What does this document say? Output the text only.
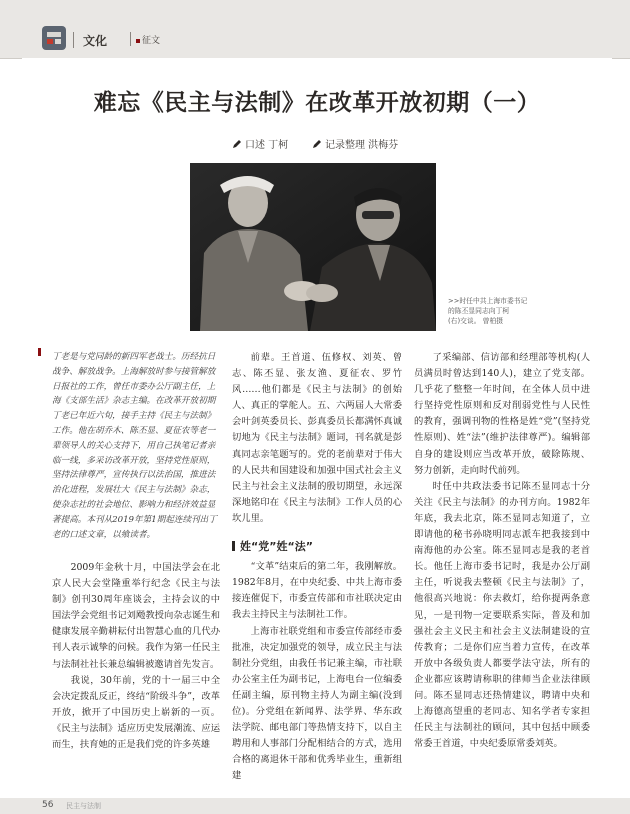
文化	征文
难忘《民主与法制》在改革开放初期（一）
口述 丁柯	记录整理 洪梅芬
>>时任中共上海市委书记
的陈丕显同志向丁柯
(右)交谈。 曾柏摄
丁老是与党同龄的新四军老战士。历经抗日战争、解放战争。上海解放时参与接管解放日报社的工作，曾任市委办公厅副主任，上海《支部生活》杂志主编。在改革开放初期丁老已年近六旬，接手主持《民主与法制》工作。他在胡乔木、陈丕显、夏征农等老一辈领导人的关心支持下，用自己执笔记者亲临一线，多采访改革开放，坚持党性原则，坚持法律尊严，宣传执行以法治国，推进法治化进程，发展壮大《民主与法制》杂志，使杂志社的社会地位、影响力和经济效益显著提高。本刊从2019年第1期起连续刊出丁老的口述文章，以飨读者。

2009年金秋十月，中国法学会在北京人民大会堂隆重举行纪念《民主与法制》创刊30周年座谈会，主持会议的中国法学会党组书记刘飏教授向杂志诞生和健康发展辛勤耕耘付出智慧心血的几代办刊人表示诚挚的问候。我作为第一任民主与法制社社长兼总编辑被邀请首先发言。

我说，30年前，党的十一届三中全会决定拨乱反正，终结“阶级斗争”，改革开放，掀开了中国历史上崭新的一页。《民主与法制》适应历史发展潮流、应运而生，扶育她的正是我们党的许多英雄

前辈。王首道、伍修权、刘英、曾志、陈丕显、张友渔、夏征农、罗竹风……他们都是《民主与法制》的创始人、真正的掌舵人。五、六两届人大常委会叶剑英委员长、彭真委员长都满怀真诚切地为《民主与法制》题词，刊名就是彭真同志亲笔题写的。党的老前辈对于伟大的人民共和国建设和加强中国式社会主义民主与社会主义法制的殷切期望，永远深深地铭印在《民主与法制》工作人员的心坎儿里。

姓“党”姓“法”

“文革”结束后的第二年，我刚解放。1982年8月，在中央纪委、中共上海市委接连催促下，市委宣传部和市社联决定由我去主持民主与法制社工作。

上海市社联党组和市委宣传部经市委批准，决定加强党的领导，成立民主与法制社分党组，由我任书记兼主编，市社联办公室主任为副书记，上海电台一位编委任副主编，原刊物主持人为副主编(没到位)。分党组在新闻界、法学界、华东政法学院、邮电部门等热情支持下，以自主聘用和人事部门分配相结合的方式，选用合格的离退休干部和优秀毕业生，重新组建

了采编部、信访部和经理部等机构(人员满员时曾达到140人)，建立了党支部。几乎花了整整一年时间，在全体人员中进行坚持党性原则和反对削弱党性与人民性的教育，强调刊物的性格是姓“党”(坚持党性原则)、姓“法”(维护法律尊严)。编辑部自身的建设则应当改革开放，破除陈规、努力创新，走向时代前列。

时任中共政法委书记陈丕显同志十分关注《民主与法制》的办刊方向。1982年年底，我去北京，陈丕显同志知道了，立即请他的秘书孙晓明同志派车把我接到中南海他的办公室。陈丕显同志是我的老首长。他任上海市委书记时，我是办公厅副主任，听说我去整顿《民主与法制》了，他很高兴地说：你去救灯，给你提两条意见，一是刊物一定要联系实际，普及和加强社会主义民主和社会主义法制建设的宣传教育；二是你们应当着力宣传，在改革开放中各级负责人都要学法守法，所有的企业都应该聘请称职的律师当企业法律顾问。陈丕显同志还热情建议，聘请中央和上海德高望重的老同志、知名学者专家担任民主与法制社的顾问，其中包括中顾委常委王首道，中央纪委原常委刘英。

56 民主与法制
